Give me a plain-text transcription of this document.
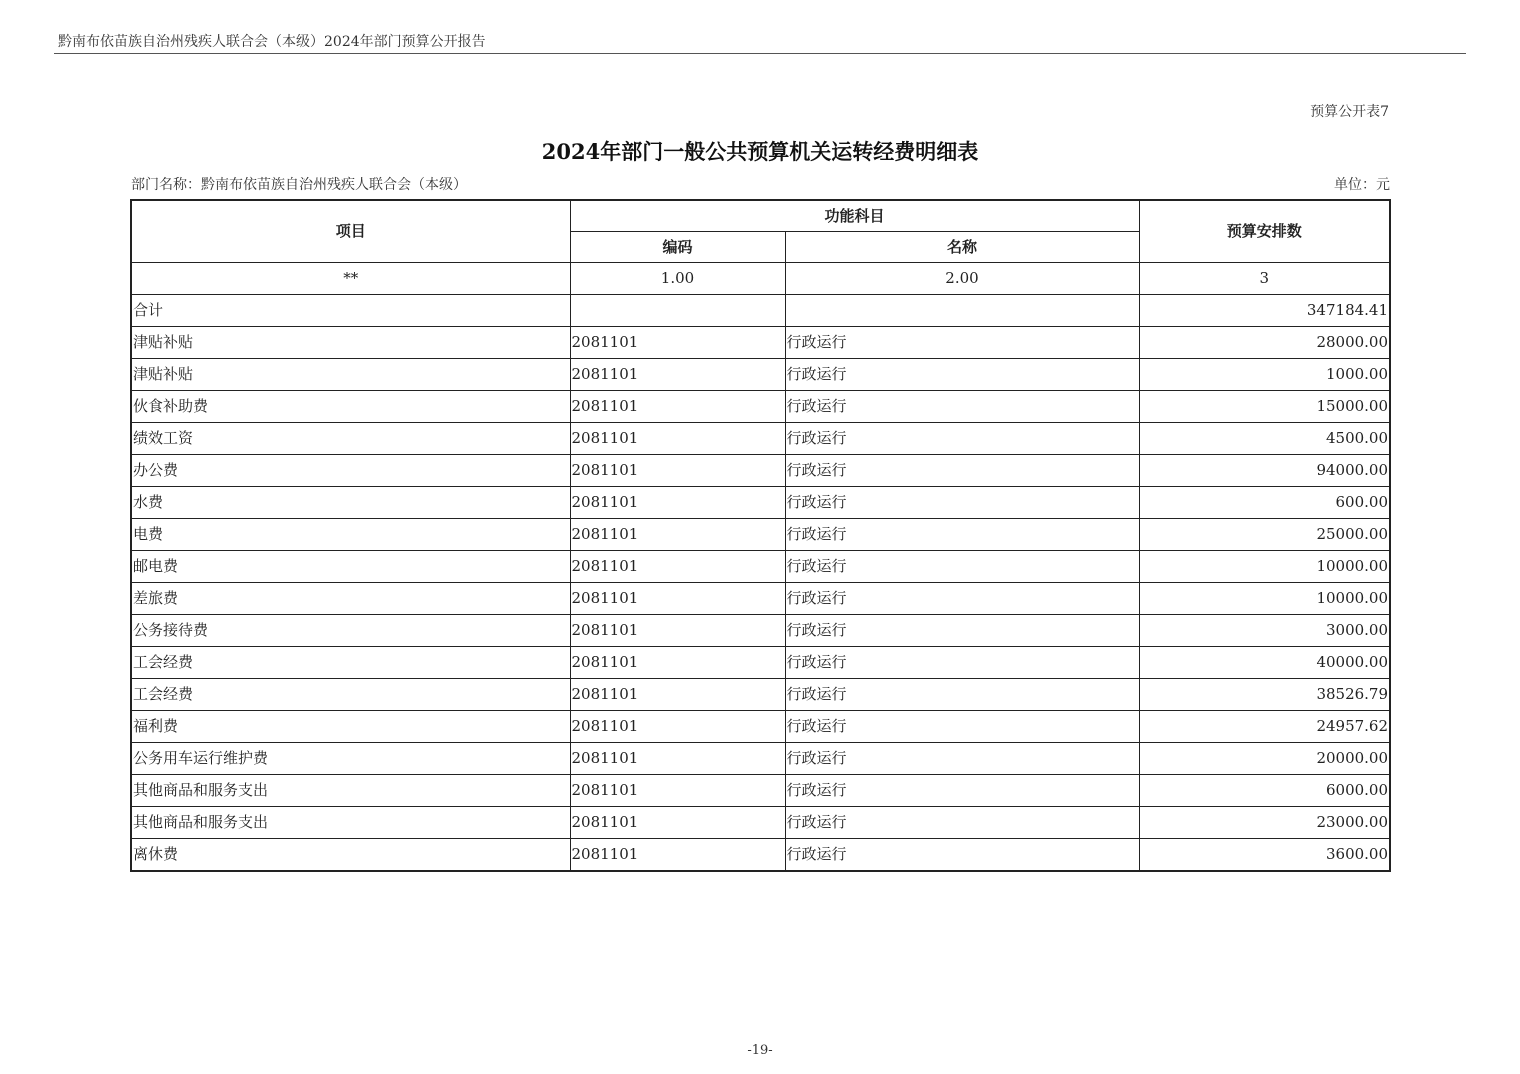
黔南布依苗族自治州残疾人联合会（本级）2024年部门预算公开报告
预算公开表7
2024年部门一般公共预算机关运转经费明细表
部门名称：黔南布依苗族自治州残疾人联合会（本级）	单位：元
项目	功能科目		预算安排数
	编码	名称	
**	1.00	2.00	3
合计			347184.41
津贴补贴	2081101	行政运行	28000.00
津贴补贴	2081101	行政运行	1000.00
伙食补助费	2081101	行政运行	15000.00
绩效工资	2081101	行政运行	4500.00
办公费	2081101	行政运行	94000.00
水费	2081101	行政运行	600.00
电费	2081101	行政运行	25000.00
邮电费	2081101	行政运行	10000.00
差旅费	2081101	行政运行	10000.00
公务接待费	2081101	行政运行	3000.00
工会经费	2081101	行政运行	40000.00
工会经费	2081101	行政运行	38526.79
福利费	2081101	行政运行	24957.62
公务用车运行维护费	2081101	行政运行	20000.00
其他商品和服务支出	2081101	行政运行	6000.00
其他商品和服务支出	2081101	行政运行	23000.00
离休费	2081101	行政运行	3600.00
-19-
